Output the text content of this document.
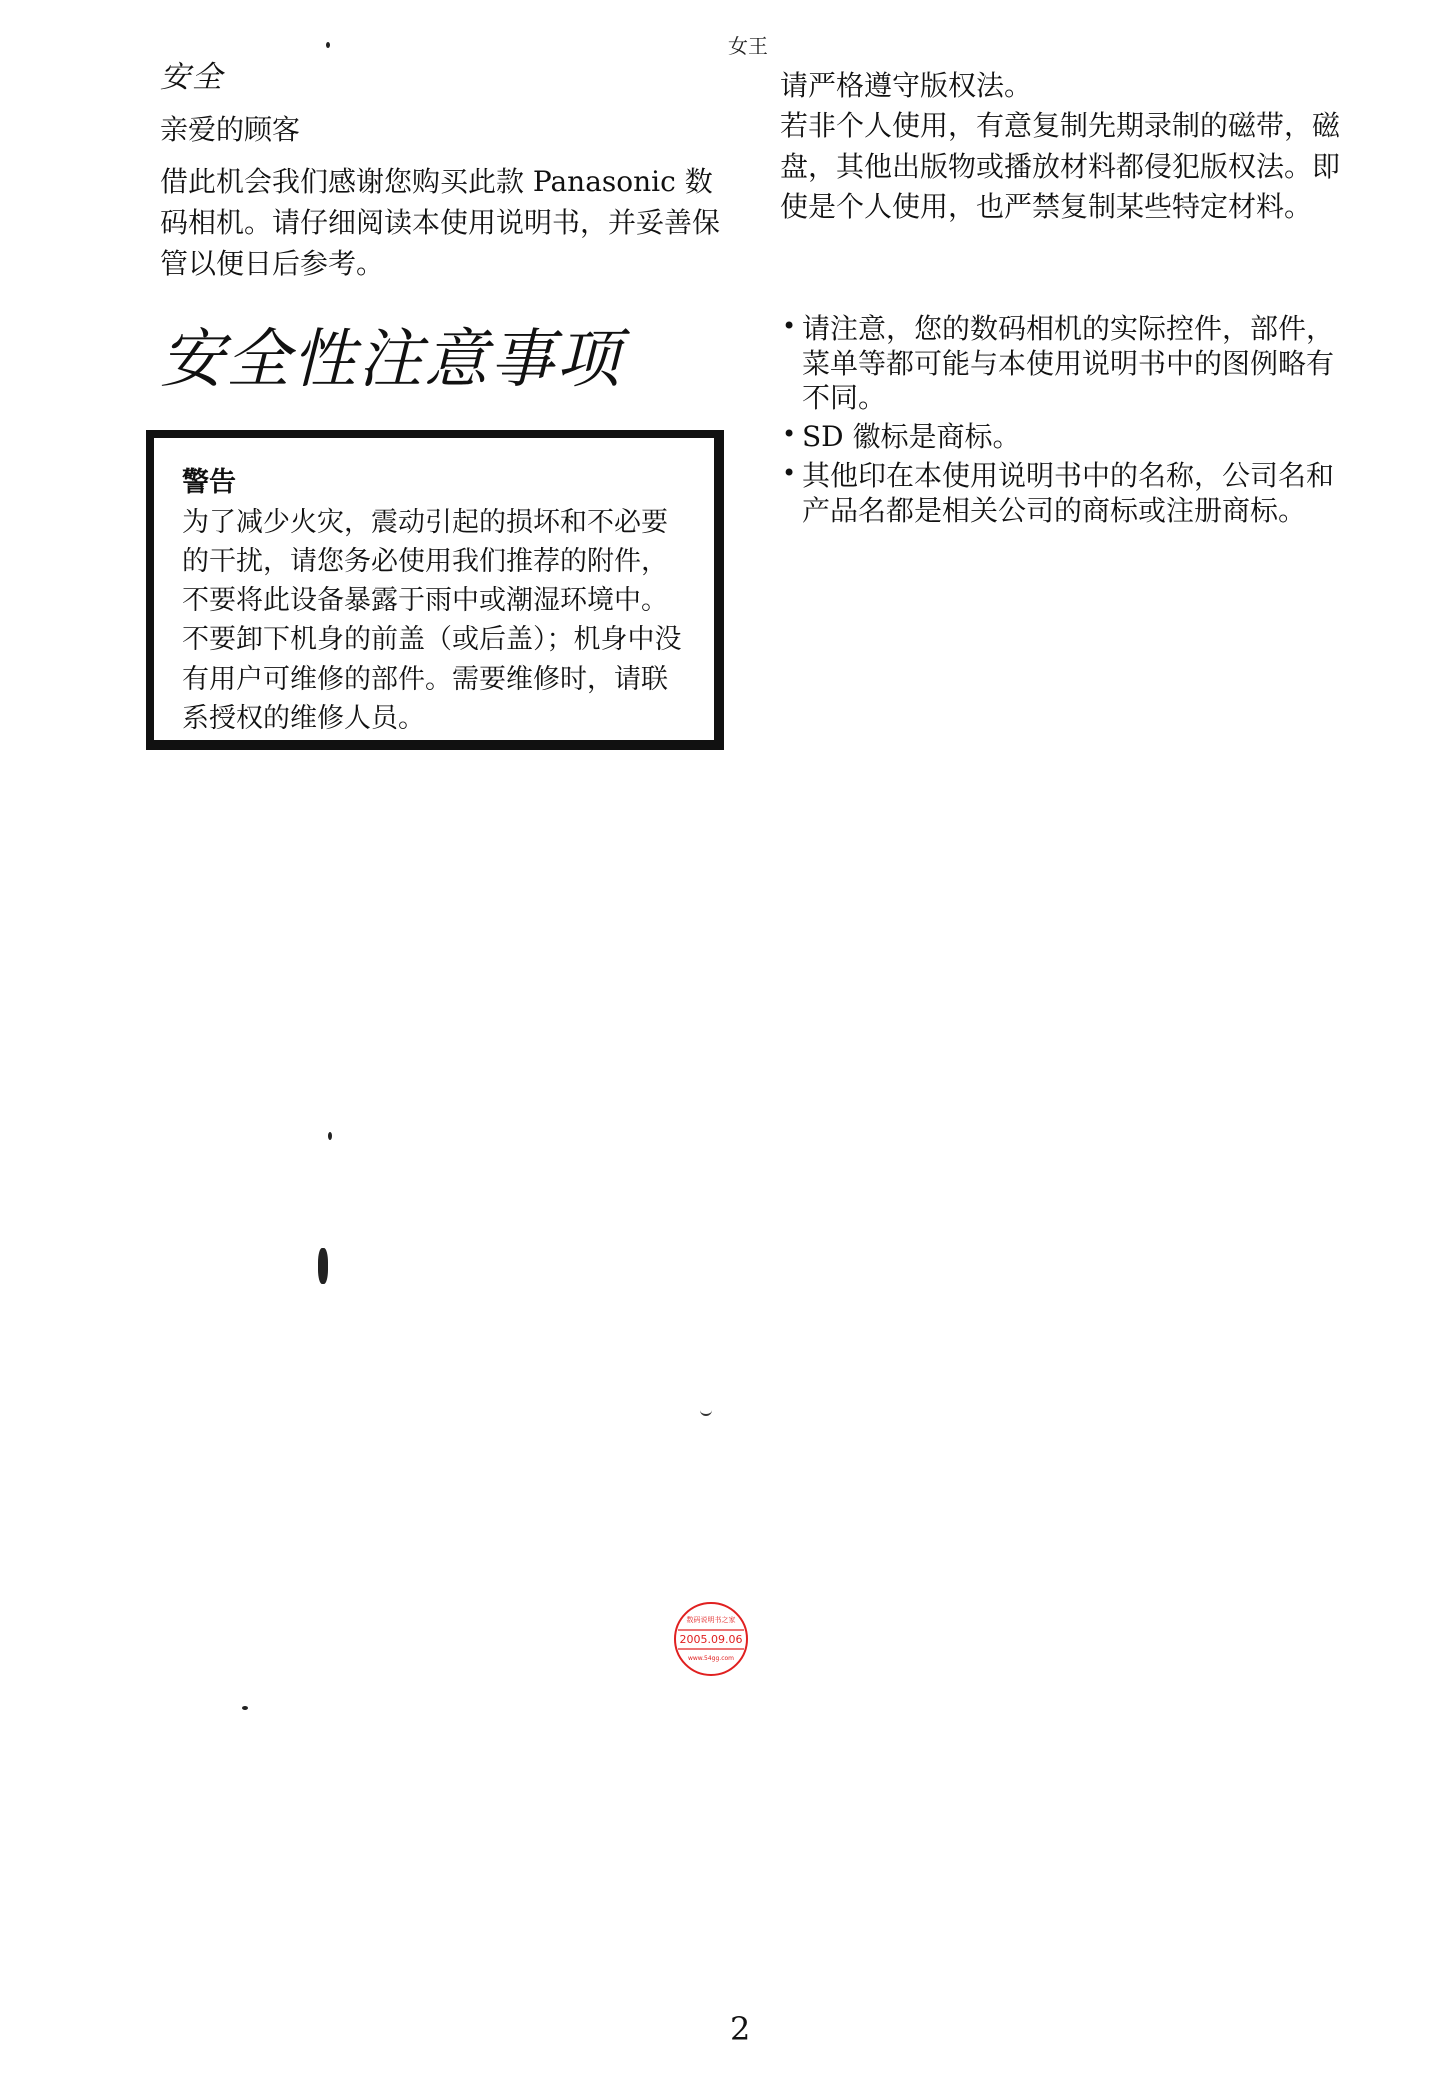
女王
安全
亲爱的顾客

借此机会我们感谢您购买此款 Panasonic 数码相机。请仔细阅读本使用说明书，并妥善保管以便日后参考。

安全性注意事项
警告

为了减少火灾，震动引起的损坏和不必要的干扰，请您务必使用我们推荐的附件，不要将此设备暴露于雨中或潮湿环境中。不要卸下机身的前盖（或后盖）；机身中没有用户可维修的部件。需要维修时，请联系授权的维修人员。

请严格遵守版权法。

若非个人使用，有意复制先期录制的磁带，磁盘，其他出版物或播放材料都侵犯版权法。即使是个人使用，也严禁复制某些特定材料。

• 请注意，您的数码相机的实际控件，部件，菜单等都可能与本使用说明书中的图例略有不同。
• SD 徽标是商标。
• 其他印在本使用说明书中的名称，公司名和产品名都是相关公司的商标或注册商标。
数码说明书之家
2005.09.06
www.54gg.com
2
